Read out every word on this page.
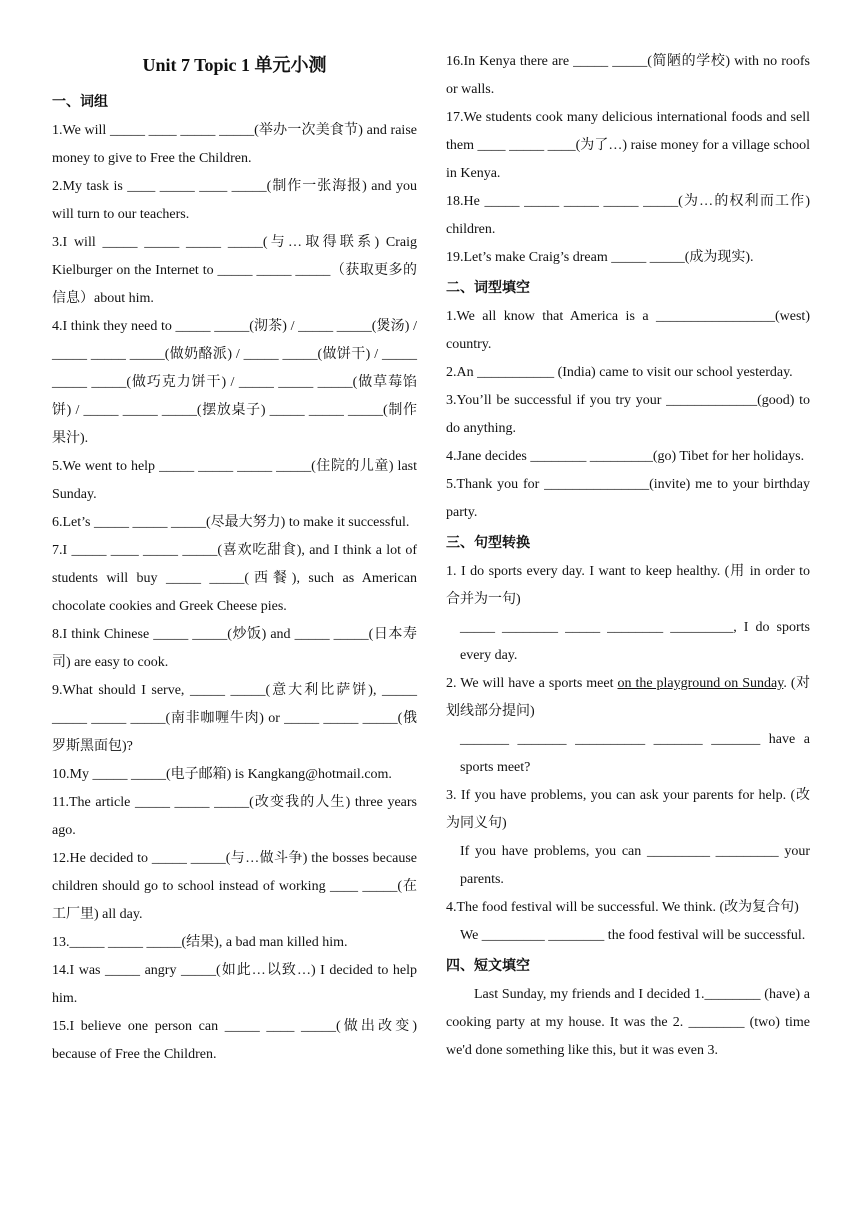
Unit 7 Topic 1 单元小测
一、词组

1.We will _____ ____ _____ _____(举办一次美食节) and raise money to give to Free the Children.

2.My task is ____ _____ ____ _____(制作一张海报) and you will turn to our teachers.

3.I will _____ _____ _____ _____(与…取得联系) Craig Kielburger on the Internet to _____ _____ _____（获取更多的信息）about him.

4.I think they need to _____ _____(沏茶) / _____ _____(煲汤) / _____ _____ _____(做奶酪派) / _____ _____(做饼干) / _____ _____ _____(做巧克力饼干) / _____ _____ _____(做草莓馅饼) / _____ _____ _____(摆放桌子) _____ _____ _____(制作果汁).

5.We went to help _____ _____ _____ _____(住院的儿童) last Sunday.

6.Let’s _____ _____ _____(尽最大努力) to make it successful.

7.I _____ ____ _____ _____(喜欢吃甜食), and I think a lot of students will buy _____ _____(西餐), such as American chocolate cookies and Greek Cheese pies.

8.I think Chinese _____ _____(炒饭) and _____ _____(日本寿司) are easy to cook.

9.What should I serve, _____ _____(意大利比萨饼), _____ _____ _____ _____(南非咖喱牛肉) or _____ _____ _____(俄罗斯黑面包)?

10.My _____ _____(电子邮箱) is Kangkang@hotmail.com.

11.The article _____ _____ _____(改变我的人生) three years ago.

12.He decided to _____ _____(与…做斗争) the bosses because children should go to school instead of working ____ _____(在工厂里) all day.

13._____ _____ _____(结果), a bad man killed him.

14.I was _____ angry _____(如此…以致…) I decided to help him.

15.I believe one person can _____ ____ _____(做出改变) because of Free the Children.

16.In Kenya there are _____ _____(简陋的学校) with no roofs or walls.

17.We students cook many delicious international foods and sell them ____ _____ ____(为了…) raise money for a village school in Kenya.

18.He _____ _____ _____ _____ _____(为…的权利而工作) children.

19.Let’s make Craig’s dream _____ _____(成为现实).

二、词型填空

1.We all know that America is a _________________(west) country.

2.An ___________ (India) came to visit our school yesterday.

3.You’ll be successful if you try your _____________(good) to do anything.

4.Jane decides ________ _________(go) Tibet for her holidays.

5.Thank you for _______________(invite) me to your birthday party.

三、句型转换

1. I do sports every day. I want to keep healthy. (用 in order to 合并为一句)

_____ ________ _____ ________ _________, I do sports every day.

2. We will have a sports meet on the playground on Sunday. (对划线部分提问)

_______ _______ __________ _______ _______ have a sports meet?

3. If you have problems, you can ask your parents for help. (改为同义句)

If you have problems, you can _________ _________ your parents.

4.The food festival will be successful. We think. (改为复合句)

We _________ ________ the food festival will be successful.

四、短文填空

Last Sunday, my friends and I decided 1.________ (have) a cooking party at my house. It was the 2. ________ (two) time we'd done something like this, but it was even 3.
